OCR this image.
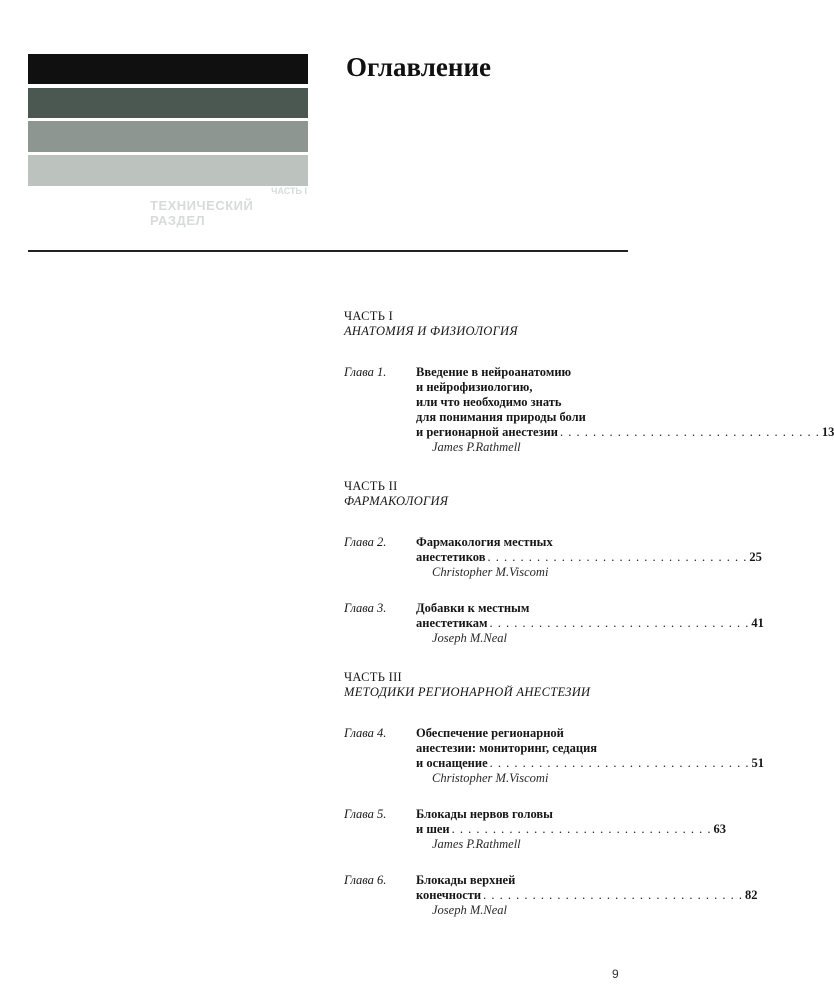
ЧАСТЬ I
ТЕХНИЧЕСКИЙ РАЗДЕЛ
Оглавление
ЧАСТЬ I
АНАТОМИЯ И ФИЗИОЛОГИЯ
Глава 1.	Введение в нейроанатомию
и нейрофизиологию,
или что необходимо знать
для понимания природы боли
и регионарной анестезии . . . . . . . . . . . . . . . . . . . . . . . . . . . . . . . . 13
James P.Rathmell
ЧАСТЬ II
ФАРМАКОЛОГИЯ
Глава 2.	Фармакология местных
анестетиков . . . . . . . . . . . . . . . . . . . . . . . . . . . . . . . . 25
Christopher M.Viscomi
Глава 3.	Добавки к местным
анестетикам . . . . . . . . . . . . . . . . . . . . . . . . . . . . . . . . 41
Joseph M.Neal
ЧАСТЬ III
МЕТОДИКИ РЕГИОНАРНОЙ АНЕСТЕЗИИ
Глава 4.	Обеспечение регионарной
анестезии: мониторинг, седация
и оснащение . . . . . . . . . . . . . . . . . . . . . . . . . . . . . . . . 51
Christopher M.Viscomi
Глава 5.	Блокады нервов головы
и шеи . . . . . . . . . . . . . . . . . . . . . . . . . . . . . . . . 63
James P.Rathmell
Глава 6.	Блокады верхней
конечности . . . . . . . . . . . . . . . . . . . . . . . . . . . . . . . . 82
Joseph M.Neal
9
